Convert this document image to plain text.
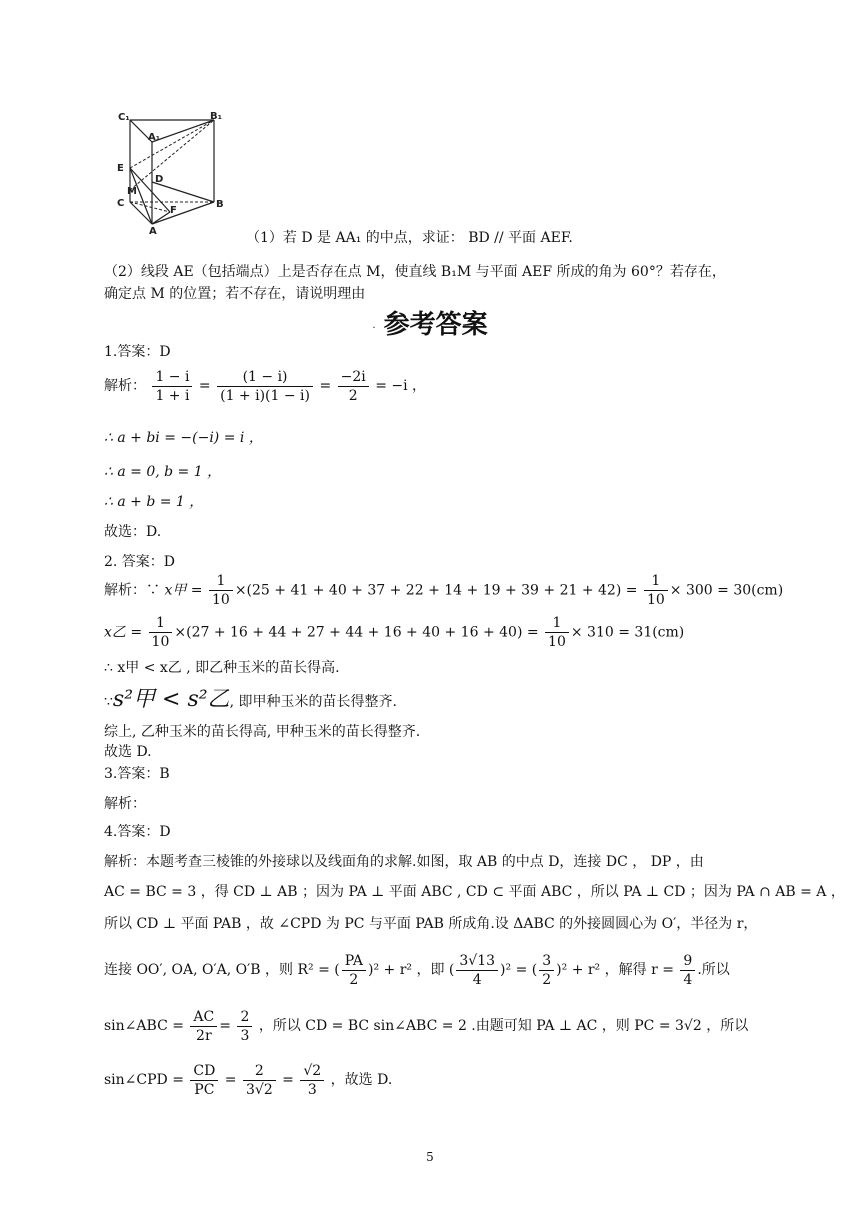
C₁
A₁
B₁
E
D
M
C
F
B
A	（1）若 D 是 AA₁ 的中点，求证： BD // 平面 AEF.
（2）线段 AE（包括端点）上是否存在点 M，使直线 B₁M 与平面 AEF 所成的角为 60°？若存在，
确定点 M 的位置；若不存在，请说明理由
. 参考答案
1.答案：D
解析： $\frac{1 - i}{1 + i} = \frac{(1 - i)}{(1 + i)(1 - i)} = \frac{-2i}{2} = -i$ ，
∴ a + bi = −(−i) = i ，
∴ a = 0, b = 1 ，
∴ a + b = 1 ，
故选：D.
2. 答案：D
解析：∵ x甲 = $\frac{1}{10} \times(25 + 41 + 40 + 37 + 22 + 14 + 19 + 39 + 21 + 42) = \frac{1}{10} \times 300 = 30(cm)$
x乙 = $\frac{1}{10} \times(27 + 16 + 44 + 27 + 44 + 16 + 40 + 16 + 40) = \frac{1}{10} \times 310 = 31(cm)$
∴ x甲 < x乙 , 即乙种玉米的苗长得高.
∵s²甲 < s²乙, 即甲种玉米的苗长得整齐.
综上, 乙种玉米的苗长得高, 甲种玉米的苗长得整齐.
故选 D.
3.答案：B
解析：
4.答案：D
解析：本题考查三棱锥的外接球以及线面角的求解.如图，取 AB 的中点 D，连接 DC ， DP ，由
AC = BC = 3 ，得 CD ⊥ AB ；因为 PA ⊥ 平面 ABC , CD ⊂ 平面 ABC ，所以 PA ⊥ CD ；因为 PA ∩ AB = A ，
所以 CD ⊥ 平面 PAB ，故 ∠CPD 为 PC 与平面 PAB 所成角.设 ΔABC 的外接圆圆心为 O′，半径为 r，
连接 OO′, OA, O′A, O′B ，则 R² = ( $\frac{PA}{2} )^2 + r^2$ ，即 ( $\frac{3√13}{4} )^2$ = ( $\frac{3}{2} )^2 + r^2$ ，解得 $r = \frac{9}{4}$ .所以
sin∠ABC = $\frac{AC}{2r} = \frac{2}{3}$ ，所以 CD = BC sin∠ABC = 2 .由题可知 PA ⊥ AC ，则 PC = 3√2 ，所以
sin∠CPD = $\frac{CD}{PC} = \frac{2}{3√2} = \frac{√2}{3}$ ，故选 D.
5
